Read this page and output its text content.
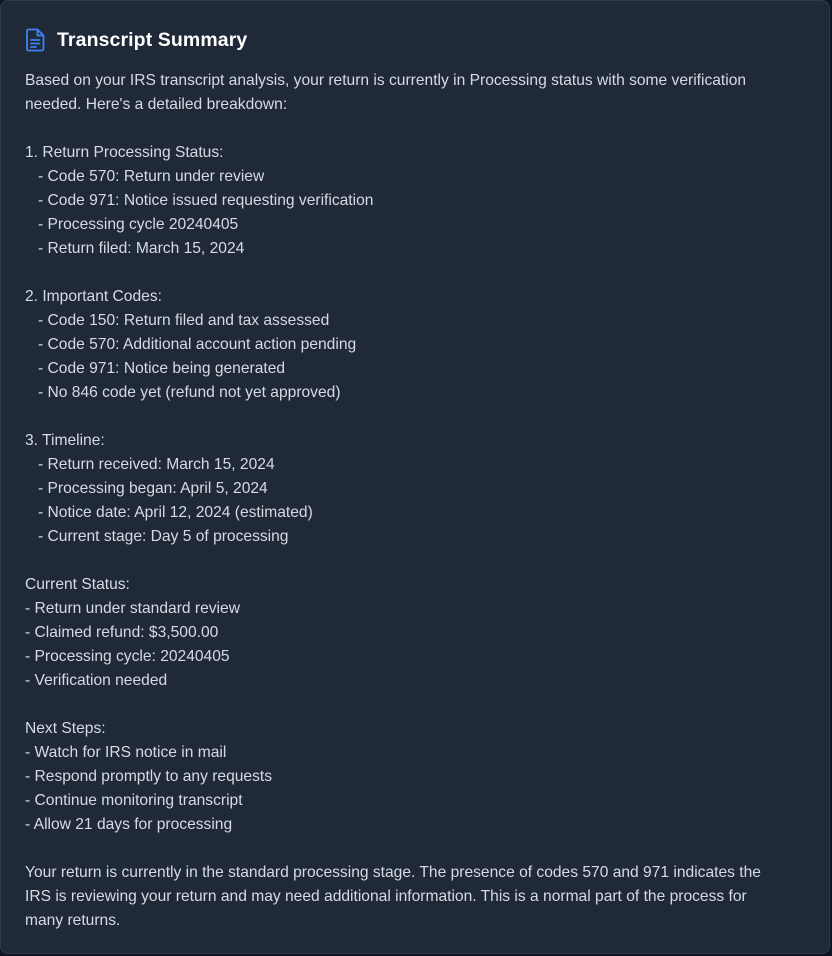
Transcript Summary
Based on your IRS transcript analysis, your return is currently in Processing status with some verification
needed. Here's a detailed breakdown:
1. Return Processing Status:
- Code 570: Return under review
- Code 971: Notice issued requesting verification
- Processing cycle 20240405
- Return filed: March 15, 2024
2. Important Codes:
- Code 150: Return filed and tax assessed
- Code 570: Additional account action pending
- Code 971: Notice being generated
- No 846 code yet (refund not yet approved)
3. Timeline:
- Return received: March 15, 2024
- Processing began: April 5, 2024
- Notice date: April 12, 2024 (estimated)
- Current stage: Day 5 of processing
Current Status:
- Return under standard review
- Claimed refund: $3,500.00
- Processing cycle: 20240405
- Verification needed
Next Steps:
- Watch for IRS notice in mail
- Respond promptly to any requests
- Continue monitoring transcript
- Allow 21 days for processing
Your return is currently in the standard processing stage. The presence of codes 570 and 971 indicates the
IRS is reviewing your return and may need additional information. This is a normal part of the process for
many returns.
